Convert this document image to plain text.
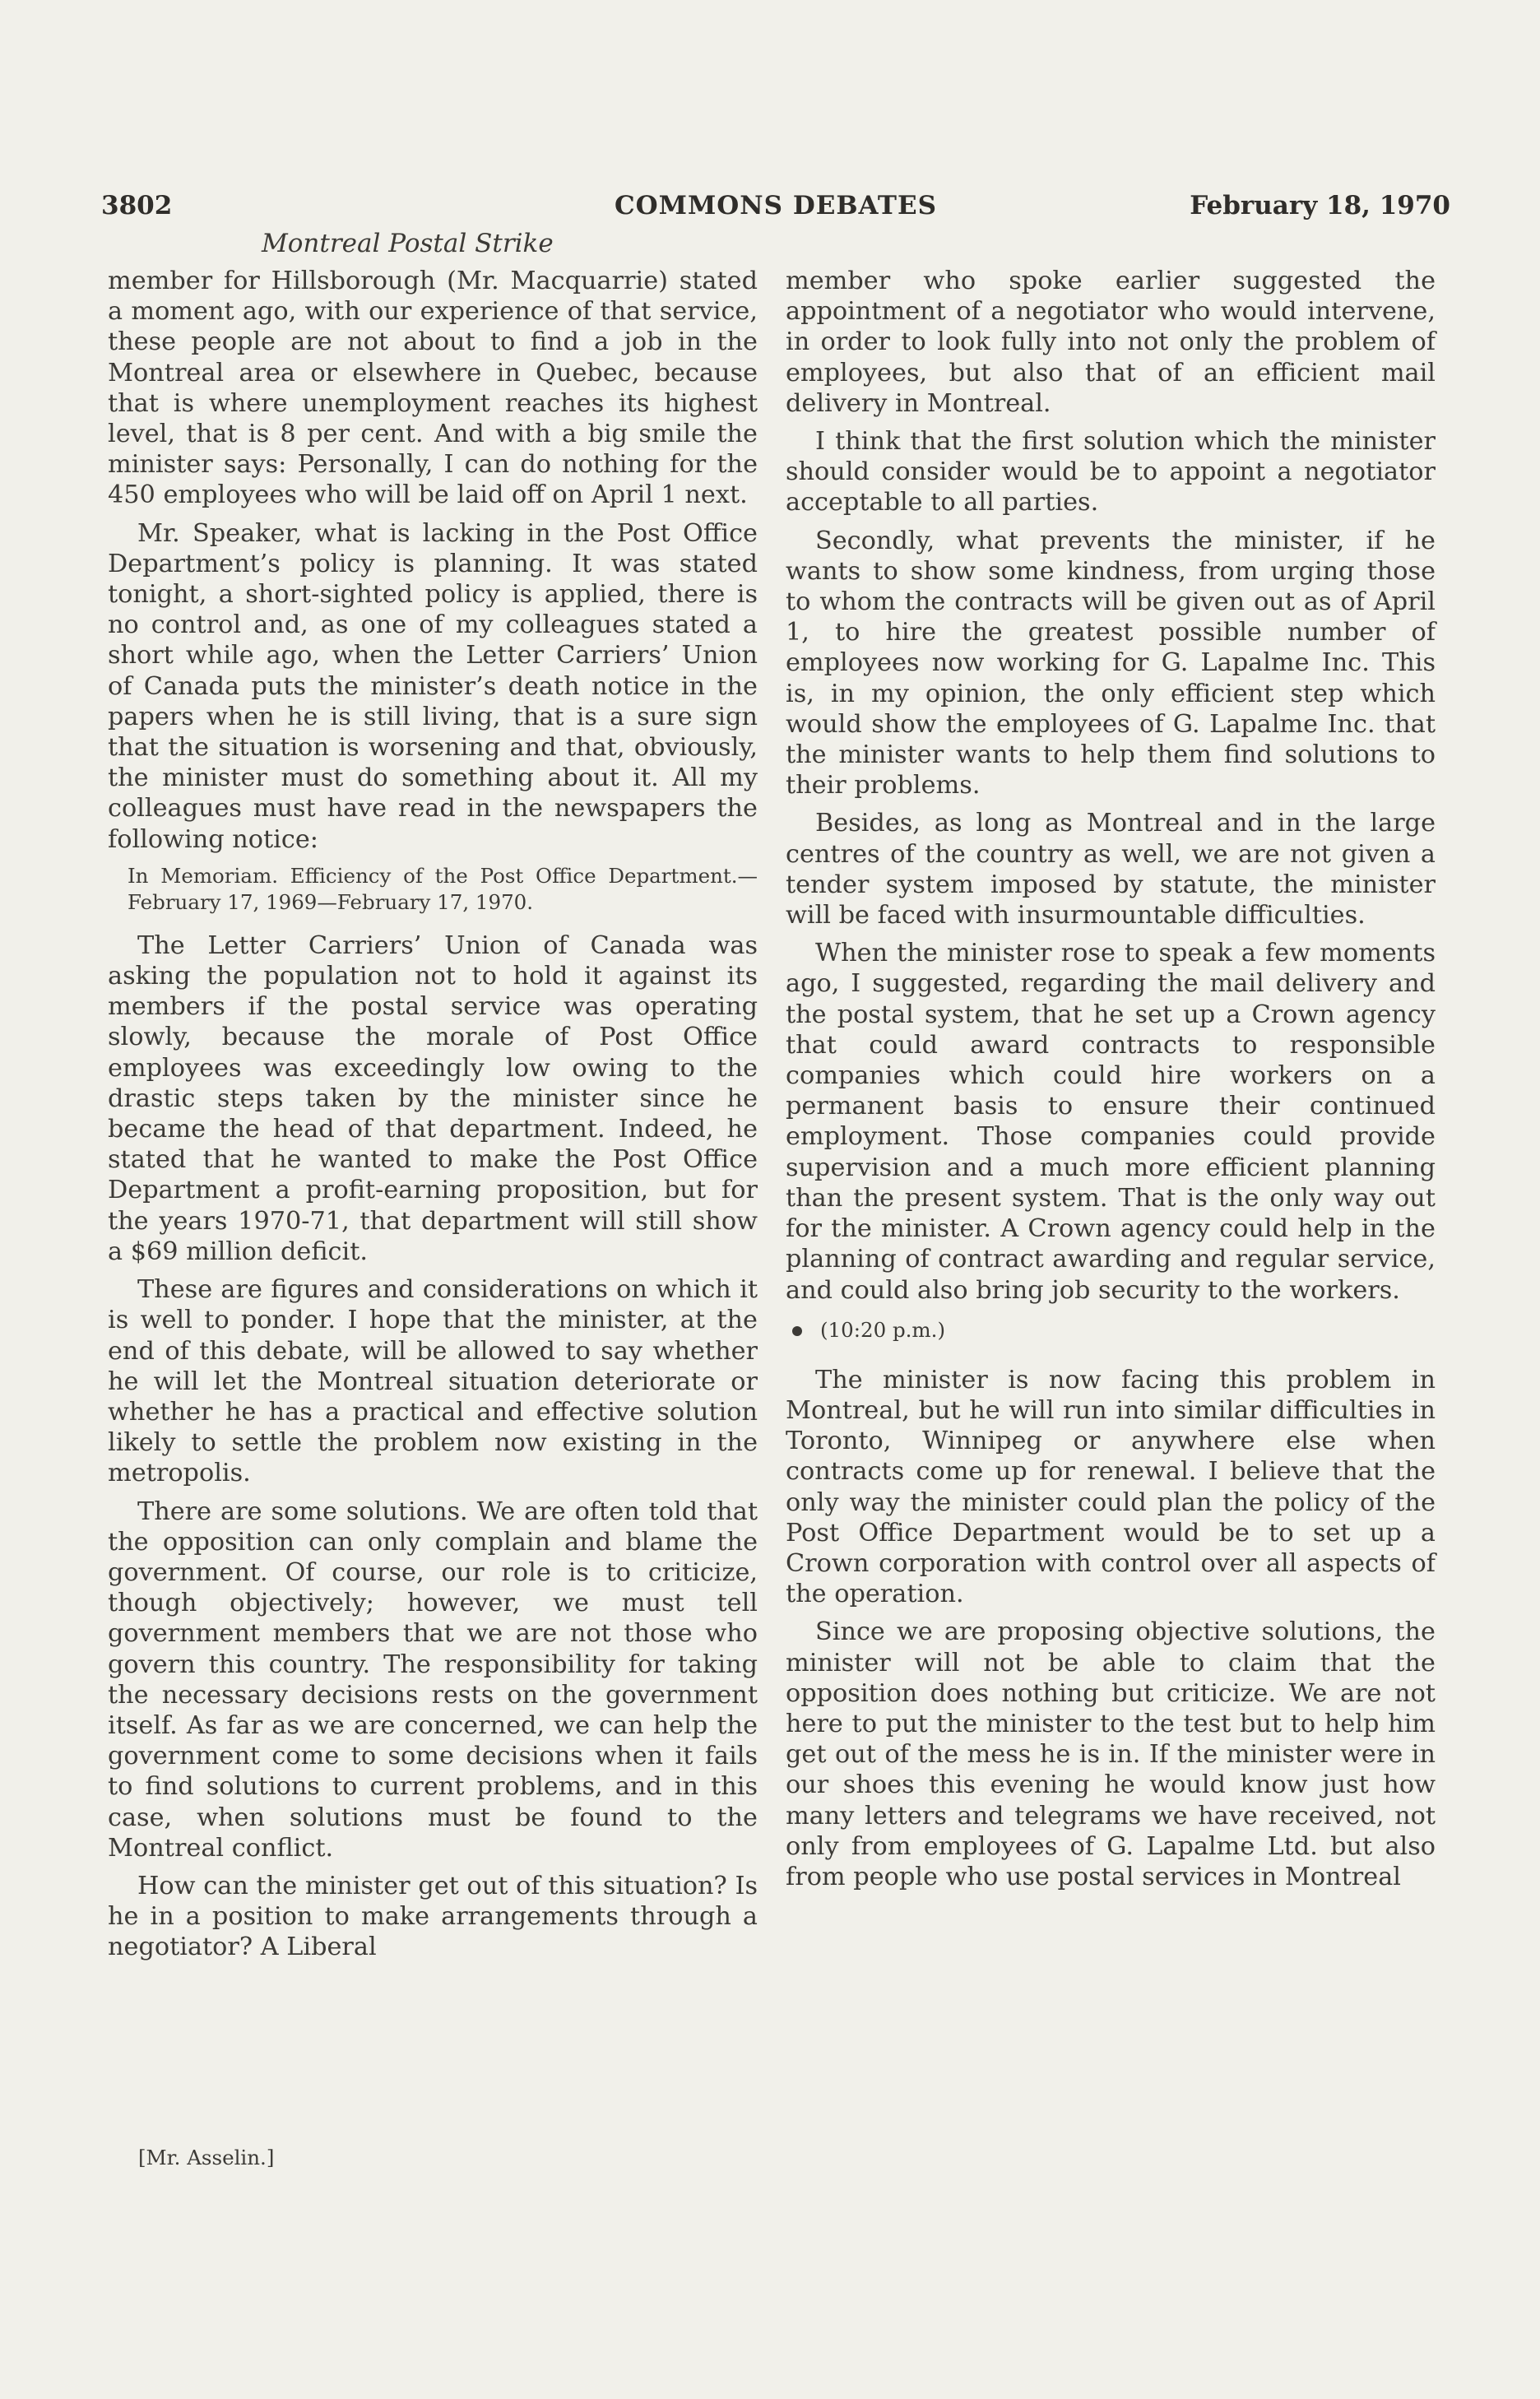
3802	COMMONS DEBATES	February 18, 1970
Montreal Postal Strike

member for Hillsborough (Mr. Macquarrie) stated a moment ago, with our experience of that service, these people are not about to find a job in the Montreal area or elsewhere in Quebec, because that is where unemployment reaches its highest level, that is 8 per cent. And with a big smile the minister says: Personally, I can do nothing for the 450 employees who will be laid off on April 1 next.

Mr. Speaker, what is lacking in the Post Office Department’s policy is planning. It was stated tonight, a short-sighted policy is applied, there is no control and, as one of my colleagues stated a short while ago, when the Letter Carriers’ Union of Canada puts the minister’s death notice in the papers when he is still living, that is a sure sign that the situation is worsening and that, obviously, the minister must do something about it. All my colleagues must have read in the newspapers the following notice:

In Memoriam. Efficiency of the Post Office Department.—February 17, 1969—February 17, 1970.

The Letter Carriers’ Union of Canada was asking the population not to hold it against its members if the postal service was operating slowly, because the morale of Post Office employees was exceedingly low owing to the drastic steps taken by the minister since he became the head of that department. Indeed, he stated that he wanted to make the Post Office Department a profit-earning proposition, but for the years 1970-71, that department will still show a $69 million deficit.

These are figures and considerations on which it is well to ponder. I hope that the minister, at the end of this debate, will be allowed to say whether he will let the Montreal situation deteriorate or whether he has a practical and effective solution likely to settle the problem now existing in the metropolis.

There are some solutions. We are often told that the opposition can only complain and blame the government. Of course, our role is to criticize, though objectively; however, we must tell government members that we are not those who govern this country. The responsibility for taking the necessary decisions rests on the government itself. As far as we are concerned, we can help the government come to some decisions when it fails to find solutions to current problems, and in this case, when solutions must be found to the Montreal conflict.

How can the minister get out of this situation? Is he in a position to make arrangements through a negotiator? A Liberal

member who spoke earlier suggested the appointment of a negotiator who would intervene, in order to look fully into not only the problem of employees, but also that of an efficient mail delivery in Montreal.

I think that the first solution which the minister should consider would be to appoint a negotiator acceptable to all parties.

Secondly, what prevents the minister, if he wants to show some kindness, from urging those to whom the contracts will be given out as of April 1, to hire the greatest possible number of employees now working for G. Lapalme Inc. This is, in my opinion, the only efficient step which would show the employees of G. Lapalme Inc. that the minister wants to help them find solutions to their problems.

Besides, as long as Montreal and in the large centres of the country as well, we are not given a tender system imposed by statute, the minister will be faced with insurmountable difficulties.

When the minister rose to speak a few moments ago, I suggested, regarding the mail delivery and the postal system, that he set up a Crown agency that could award contracts to responsible companies which could hire workers on a permanent basis to ensure their continued employment. Those companies could provide supervision and a much more efficient planning than the present system. That is the only way out for the minister. A Crown agency could help in the planning of contract awarding and regular service, and could also bring job security to the workers.

(10:20 p.m.)

The minister is now facing this problem in Montreal, but he will run into similar difficulties in Toronto, Winnipeg or anywhere else when contracts come up for renewal. I believe that the only way the minister could plan the policy of the Post Office Department would be to set up a Crown corporation with control over all aspects of the operation.

Since we are proposing objective solutions, the minister will not be able to claim that the opposition does nothing but criticize. We are not here to put the minister to the test but to help him get out of the mess he is in. If the minister were in our shoes this evening he would know just how many letters and telegrams we have received, not only from employees of G. Lapalme Ltd. but also from people who use postal services in Montreal

[Mr. Asselin.]
